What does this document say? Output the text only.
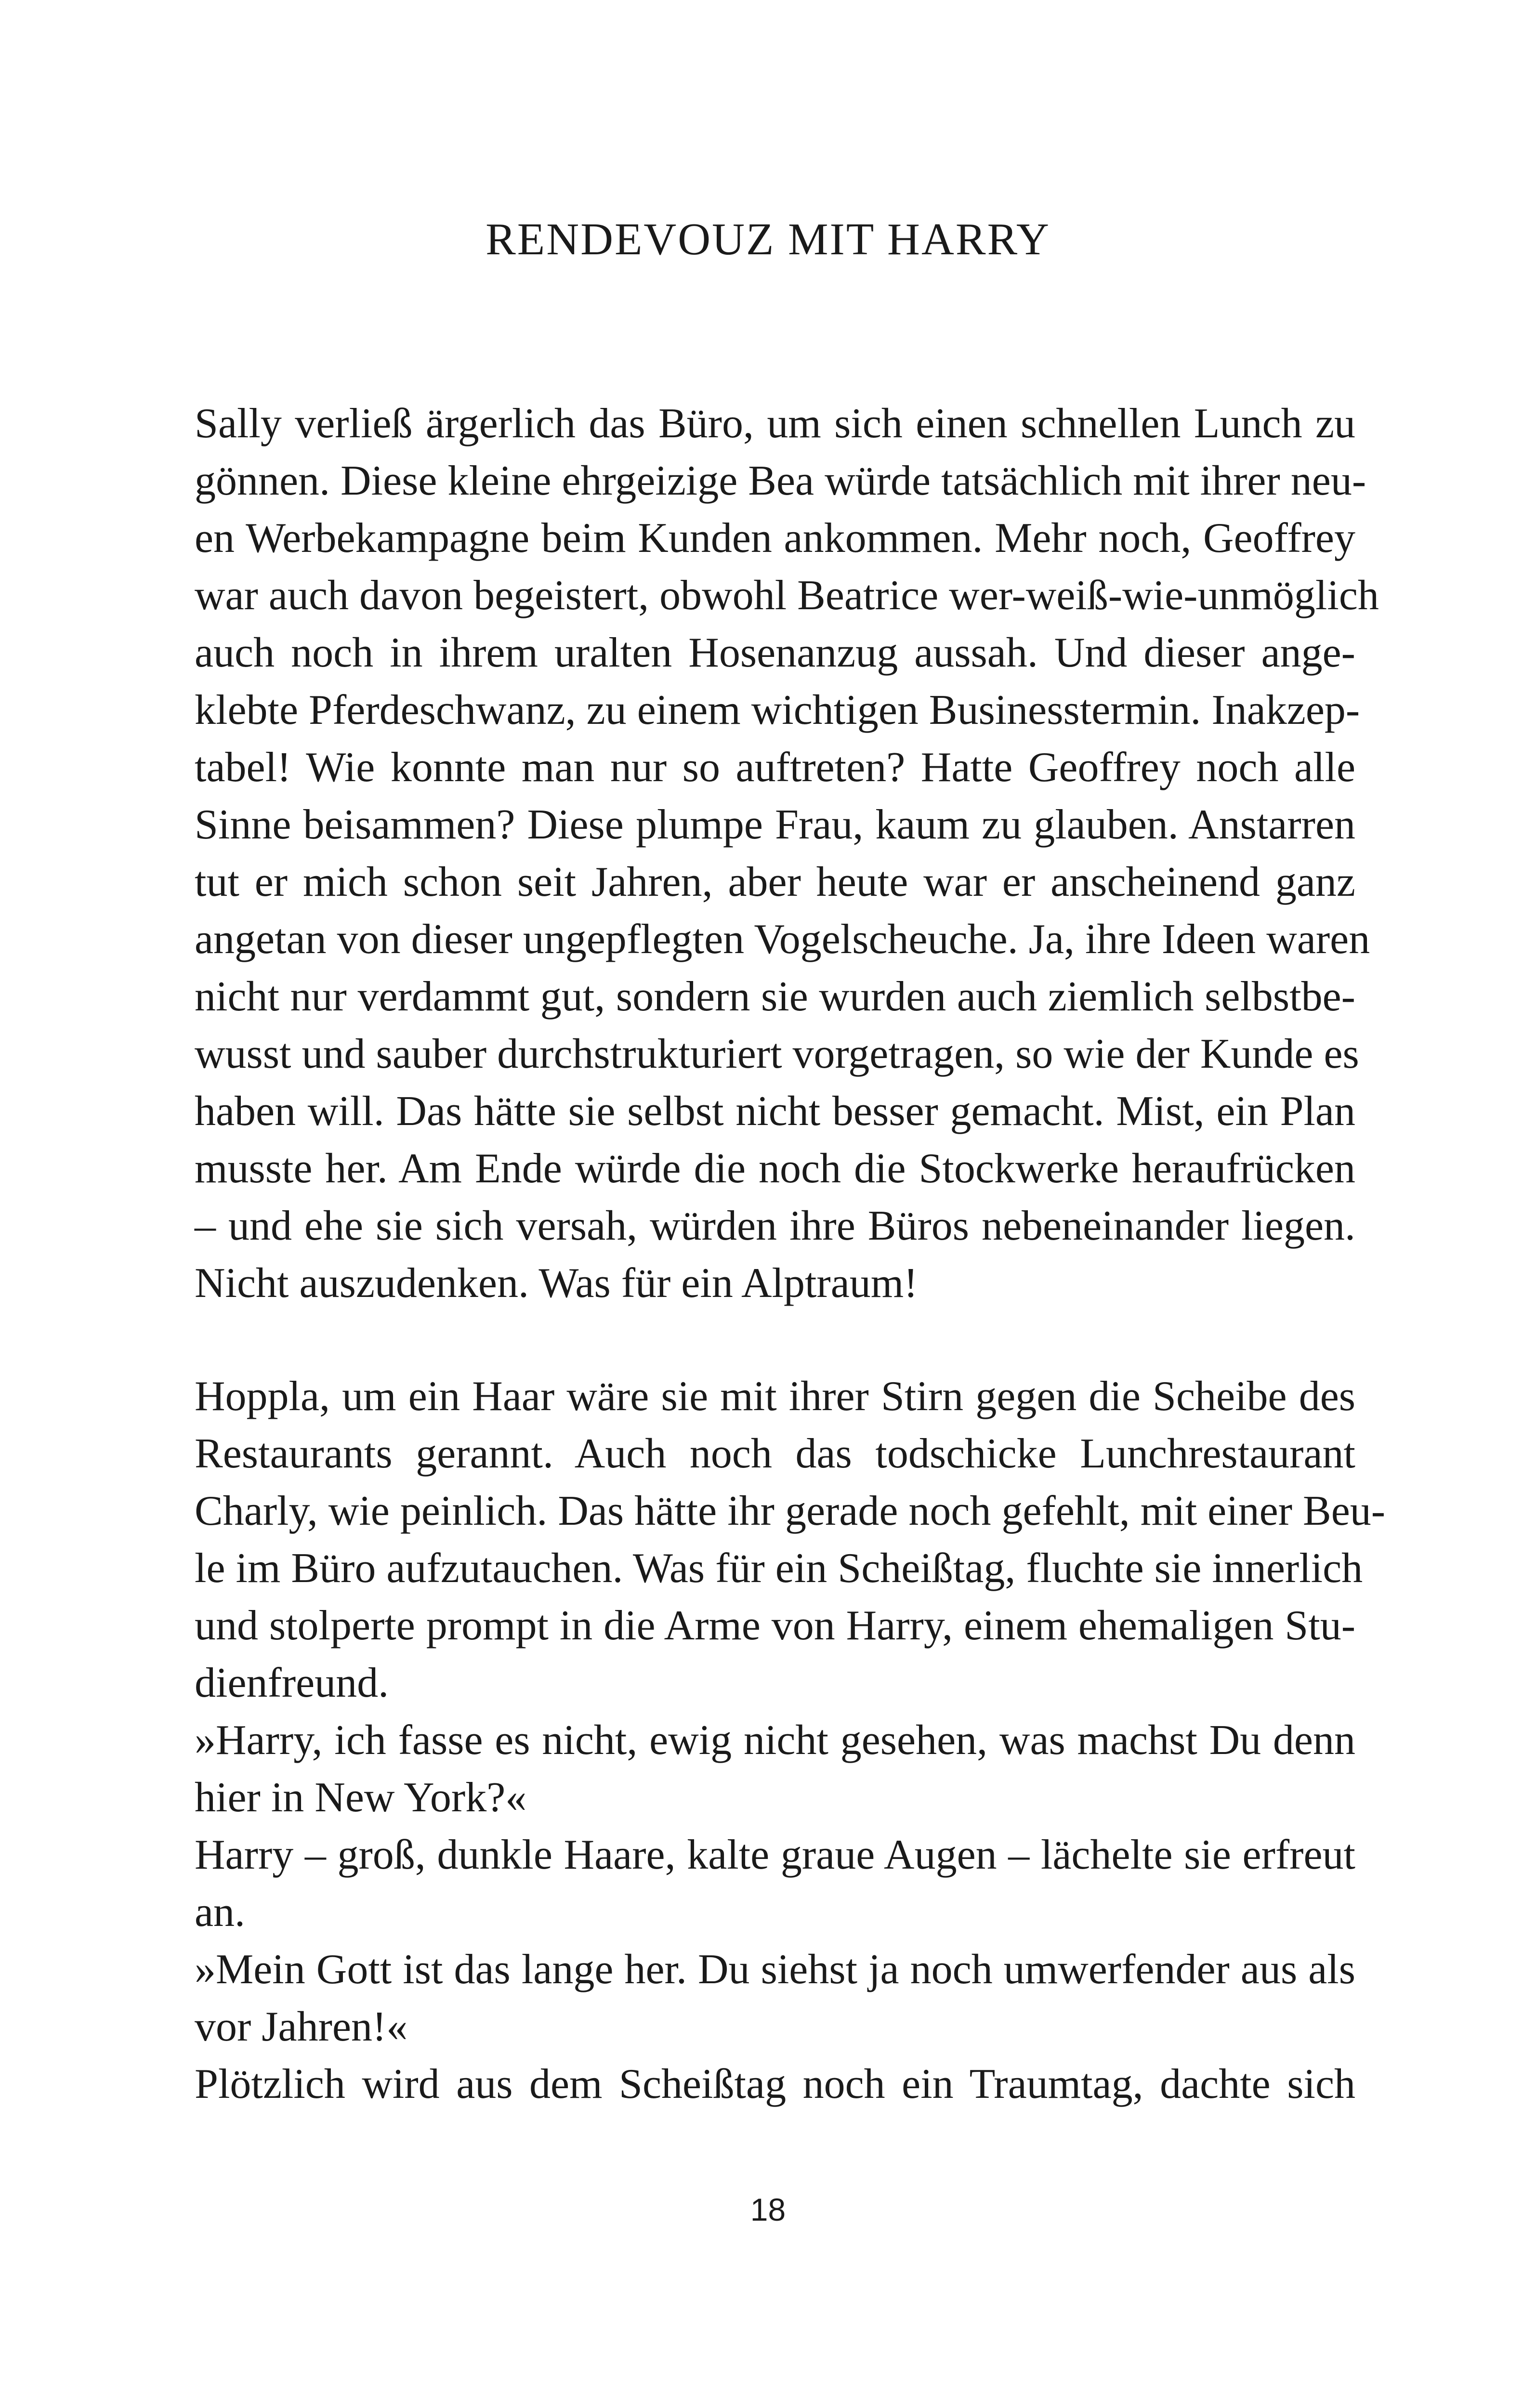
RENDEVOUZ MIT HARRY
Sally verließ ärgerlich das Büro, um sich einen schnellen Lunch zu
gönnen. Diese kleine ehrgeizige Bea würde tatsächlich mit ihrer neu-
en Werbekampagne beim Kunden ankommen. Mehr noch, Geoffrey
war auch davon begeistert, obwohl Beatrice wer-weiß-wie-unmöglich
auch noch in ihrem uralten Hosenanzug aussah. Und dieser ange-
klebte Pferdeschwanz, zu einem wichtigen Businesstermin. Inakzep-
tabel! Wie konnte man nur so auftreten? Hatte Geoffrey noch alle
Sinne beisammen? Diese plumpe Frau, kaum zu glauben. Anstarren
tut er mich schon seit Jahren, aber heute war er anscheinend ganz
angetan von dieser ungepflegten Vogelscheuche. Ja, ihre Ideen waren
nicht nur verdammt gut, sondern sie wurden auch ziemlich selbstbe-
wusst und sauber durchstrukturiert vorgetragen, so wie der Kunde es
haben will. Das hätte sie selbst nicht besser gemacht. Mist, ein Plan
musste her. Am Ende würde die noch die Stockwerke heraufrücken
– und ehe sie sich versah, würden ihre Büros nebeneinander liegen.
Nicht auszudenken. Was für ein Alptraum!
Hoppla, um ein Haar wäre sie mit ihrer Stirn gegen die Scheibe des
Restaurants gerannt. Auch noch das todschicke Lunchrestaurant
Charly, wie peinlich. Das hätte ihr gerade noch gefehlt, mit einer Beu-
le im Büro aufzutauchen. Was für ein Scheißtag, fluchte sie innerlich
und stolperte prompt in die Arme von Harry, einem ehemaligen Stu-
dienfreund.
»Harry, ich fasse es nicht, ewig nicht gesehen, was machst Du denn
hier in New York?«
Harry – groß, dunkle Haare, kalte graue Augen – lächelte sie erfreut
an.
»Mein Gott ist das lange her. Du siehst ja noch umwerfender aus als
vor Jahren!«
Plötzlich wird aus dem Scheißtag noch ein Traumtag, dachte sich
18
